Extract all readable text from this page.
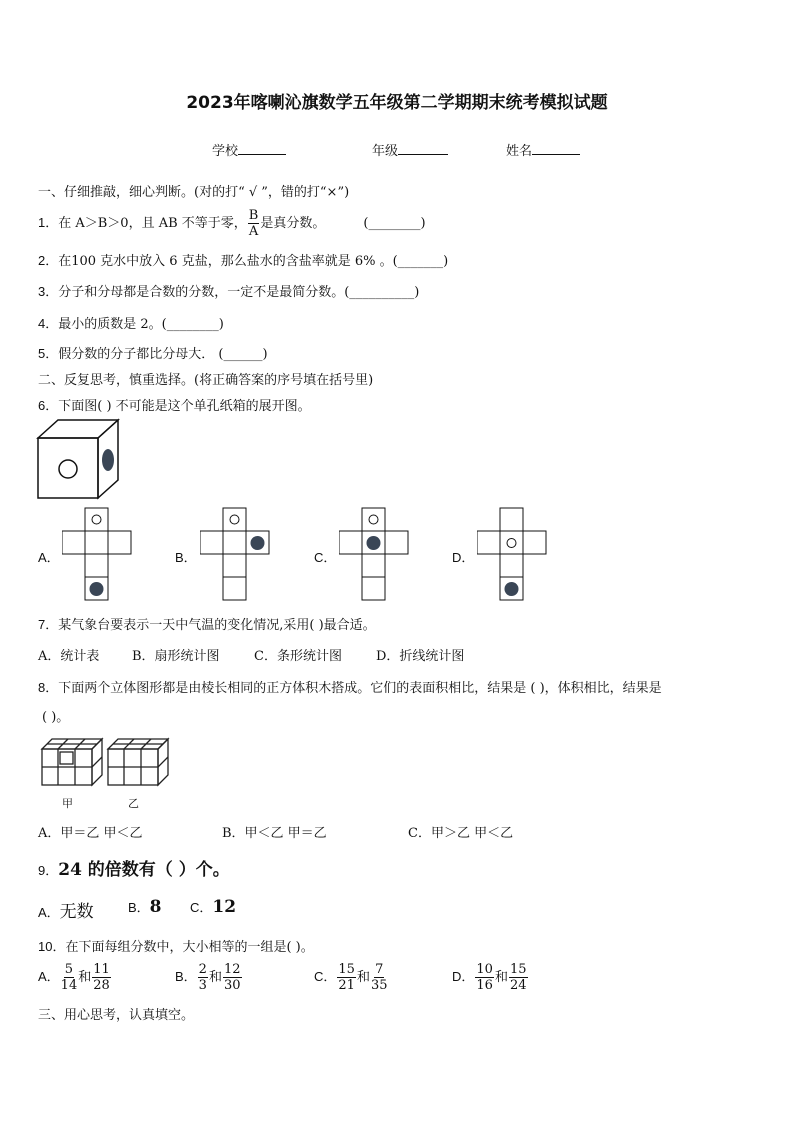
2023年喀喇沁旗数学五年级第二学期期末统考模拟试题
学校	年级	姓名
一、仔细推敲，细心判断。(对的打“ √ ”，错的打“×”)
1．在 A＞B＞0，且 AB 不等于零， $\frac{B}{A}$ 是真分数。	(________)
2．在100 克水中放入 6 克盐，那么盐水的含盐率就是 6% 。(_______)
3．分子和分母都是合数的分数，一定不是最简分数。(__________)
4．最小的质数是 2。(________)
5．假分数的分子都比分母大． (______)
二、反复思考，慎重选择。(将正确答案的序号填在括号里)
6．下面图( ) 不可能是这个单孔纸箱的展开图。
A．	B．	C．	D．
7．某气象台要表示一天中气温的变化情况,采用( )最合适。
A．统计表	B．扇形统计图	C．条形统计图	D．折线统计图
8．下面两个立体图形都是由棱长相同的正方体积木搭成。它们的表面积相比，结果是 ( )，体积相比，结果是
( )。
甲	乙
A．甲＝乙 甲＜乙	B．甲＜乙 甲＝乙	C．甲＞乙 甲＜乙
9．24 的倍数有（ ）个。
A．无数	B．8 C．12
10．在下面每组分数中，大小相等的一组是( )。
A． $\frac{5}{14}$ 和 $\frac{11}{28}$	B． $\frac{2}{3}$ 和 $\frac{12}{30}$	C． $\frac{15}{21}$ 和 $\frac{7}{35}$	D． $\frac{10}{16}$ 和 $\frac{15}{24}$
三、用心思考，认真填空。
